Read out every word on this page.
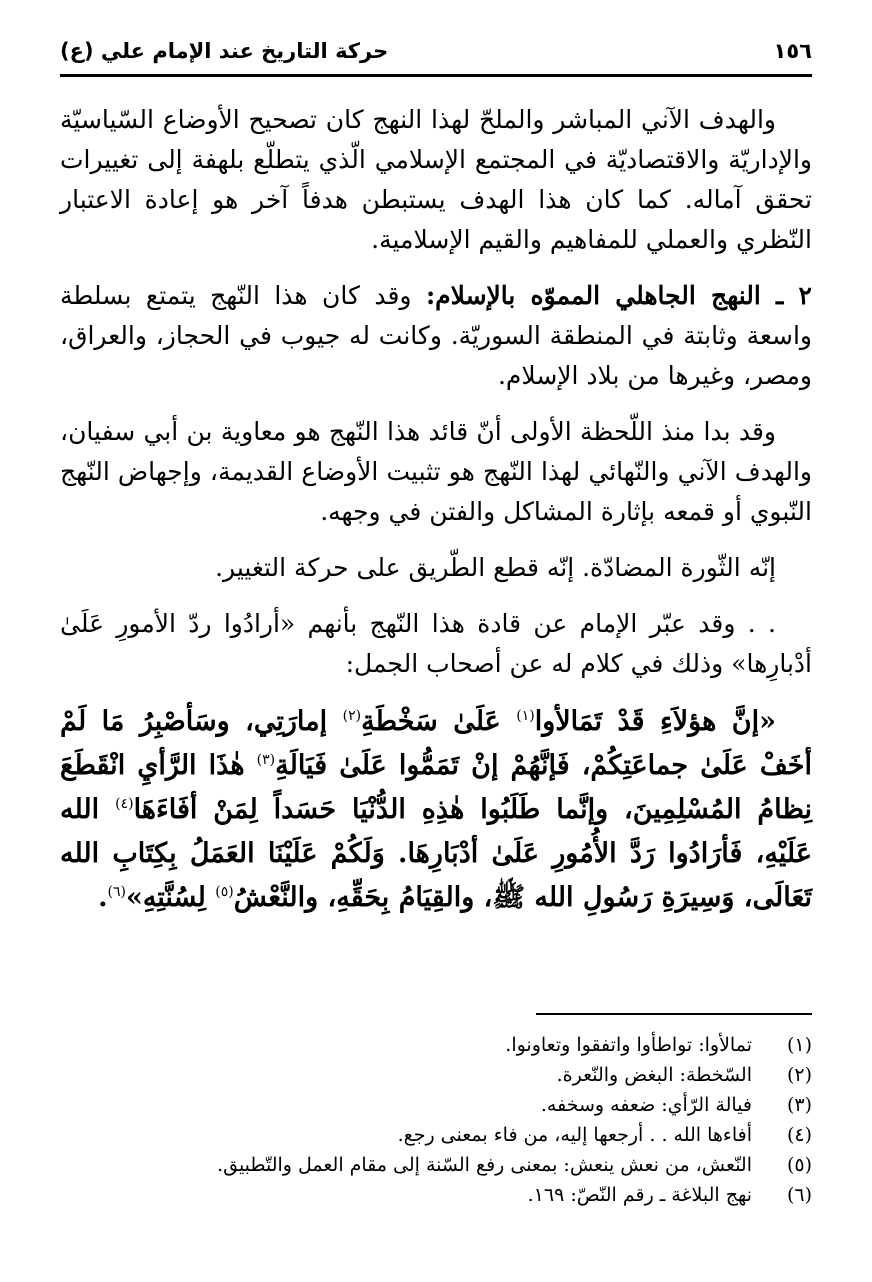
١٥٦
حركة التاريخ عند الإمام علي (ع)

والهدف الآني المباشر والملحّ لهذا النهج كان تصحيح الأوضاع السّياسيّة والإداريّة والاقتصاديّة في المجتمع الإسلامي الّذي يتطلّع بلهفة إلى تغييرات تحقق آماله. كما كان هذا الهدف يستبطن هدفاً آخر هو إعادة الاعتبار النّظري والعملي للمفاهيم والقيم الإسلامية.

٢ ـ النهج الجاهلي المموّه بالإسلام: وقد كان هذا النّهج يتمتع بسلطة واسعة وثابتة في المنطقة السوريّة. وكانت له جيوب في الحجاز، والعراق، ومصر، وغيرها من بلاد الإسلام.

وقد بدا منذ اللّحظة الأولى أنّ قائد هذا النّهج هو معاوية بن أبي سفيان، والهدف الآني والنّهائي لهذا النّهج هو تثبيت الأوضاع القديمة، وإجهاض النّهج النّبوي أو قمعه بإثارة المشاكل والفتن في وجهه.

إنّه الثّورة المضادّة. إنّه قطع الطّريق على حركة التغيير.

. . وقد عبّر الإمام عن قادة هذا النّهج بأنهم «أرادُوا ردّ الأمورِ عَلَىٰ أدْبارِها» وذلك في كلام له عن أصحاب الجمل:

«إنَّ هؤلاَءِ قَدْ تَمَالأوا$^{(١)}$ عَلَىٰ سَخْطَةِ$^{(٢)}$ إمارَتِي، وسَأصْبِرُ مَا لَمْ أخَفْ عَلَىٰ جماعَتِكُمْ، فَإنَّهُمْ إنْ تَمَمُّوا عَلَىٰ فَيَالَةِ$^{(٣)}$ هٰذَا الرَّأيِ انْقَطَعَ نِظامُ المُسْلِمِينَ، وإنَّما طَلَبُوا هٰذِهِ الدُّنْيَا حَسَداً لِمَنْ أفَاءَهَا$^{(٤)}$ الله عَلَيْهِ، فَأرَادُوا رَدَّ الأُمُورِ عَلَىٰ أدْبَارِهَا. وَلَكُمْ عَلَيْنَا العَمَلُ بِكِتَابِ الله تَعَالَى، وَسِيرَةِ رَسُولِ الله ﷺ، والقِيَامُ بِحَقِّهِ، والنَّعْشُ$^{(٥)}$ لِسُنَّتِهِ»$^{(٦)}$.

(١)
تمالأوا: تواطأوا واتفقوا وتعاونوا.
(٢)
السّخطة: البغض والنّعرة.
(٣)
فيالة الرّأي: ضعفه وسخفه.
(٤)
أفاءها الله . . أرجعها إليه، من فاء بمعنى رجع.
(٥)
النّعش، من نعش ينعش: بمعنى رفع السّنة إلى مقام العمل والتّطبيق.
(٦)
نهج البلاغة ـ رقم النّصّ: ١٦٩.
